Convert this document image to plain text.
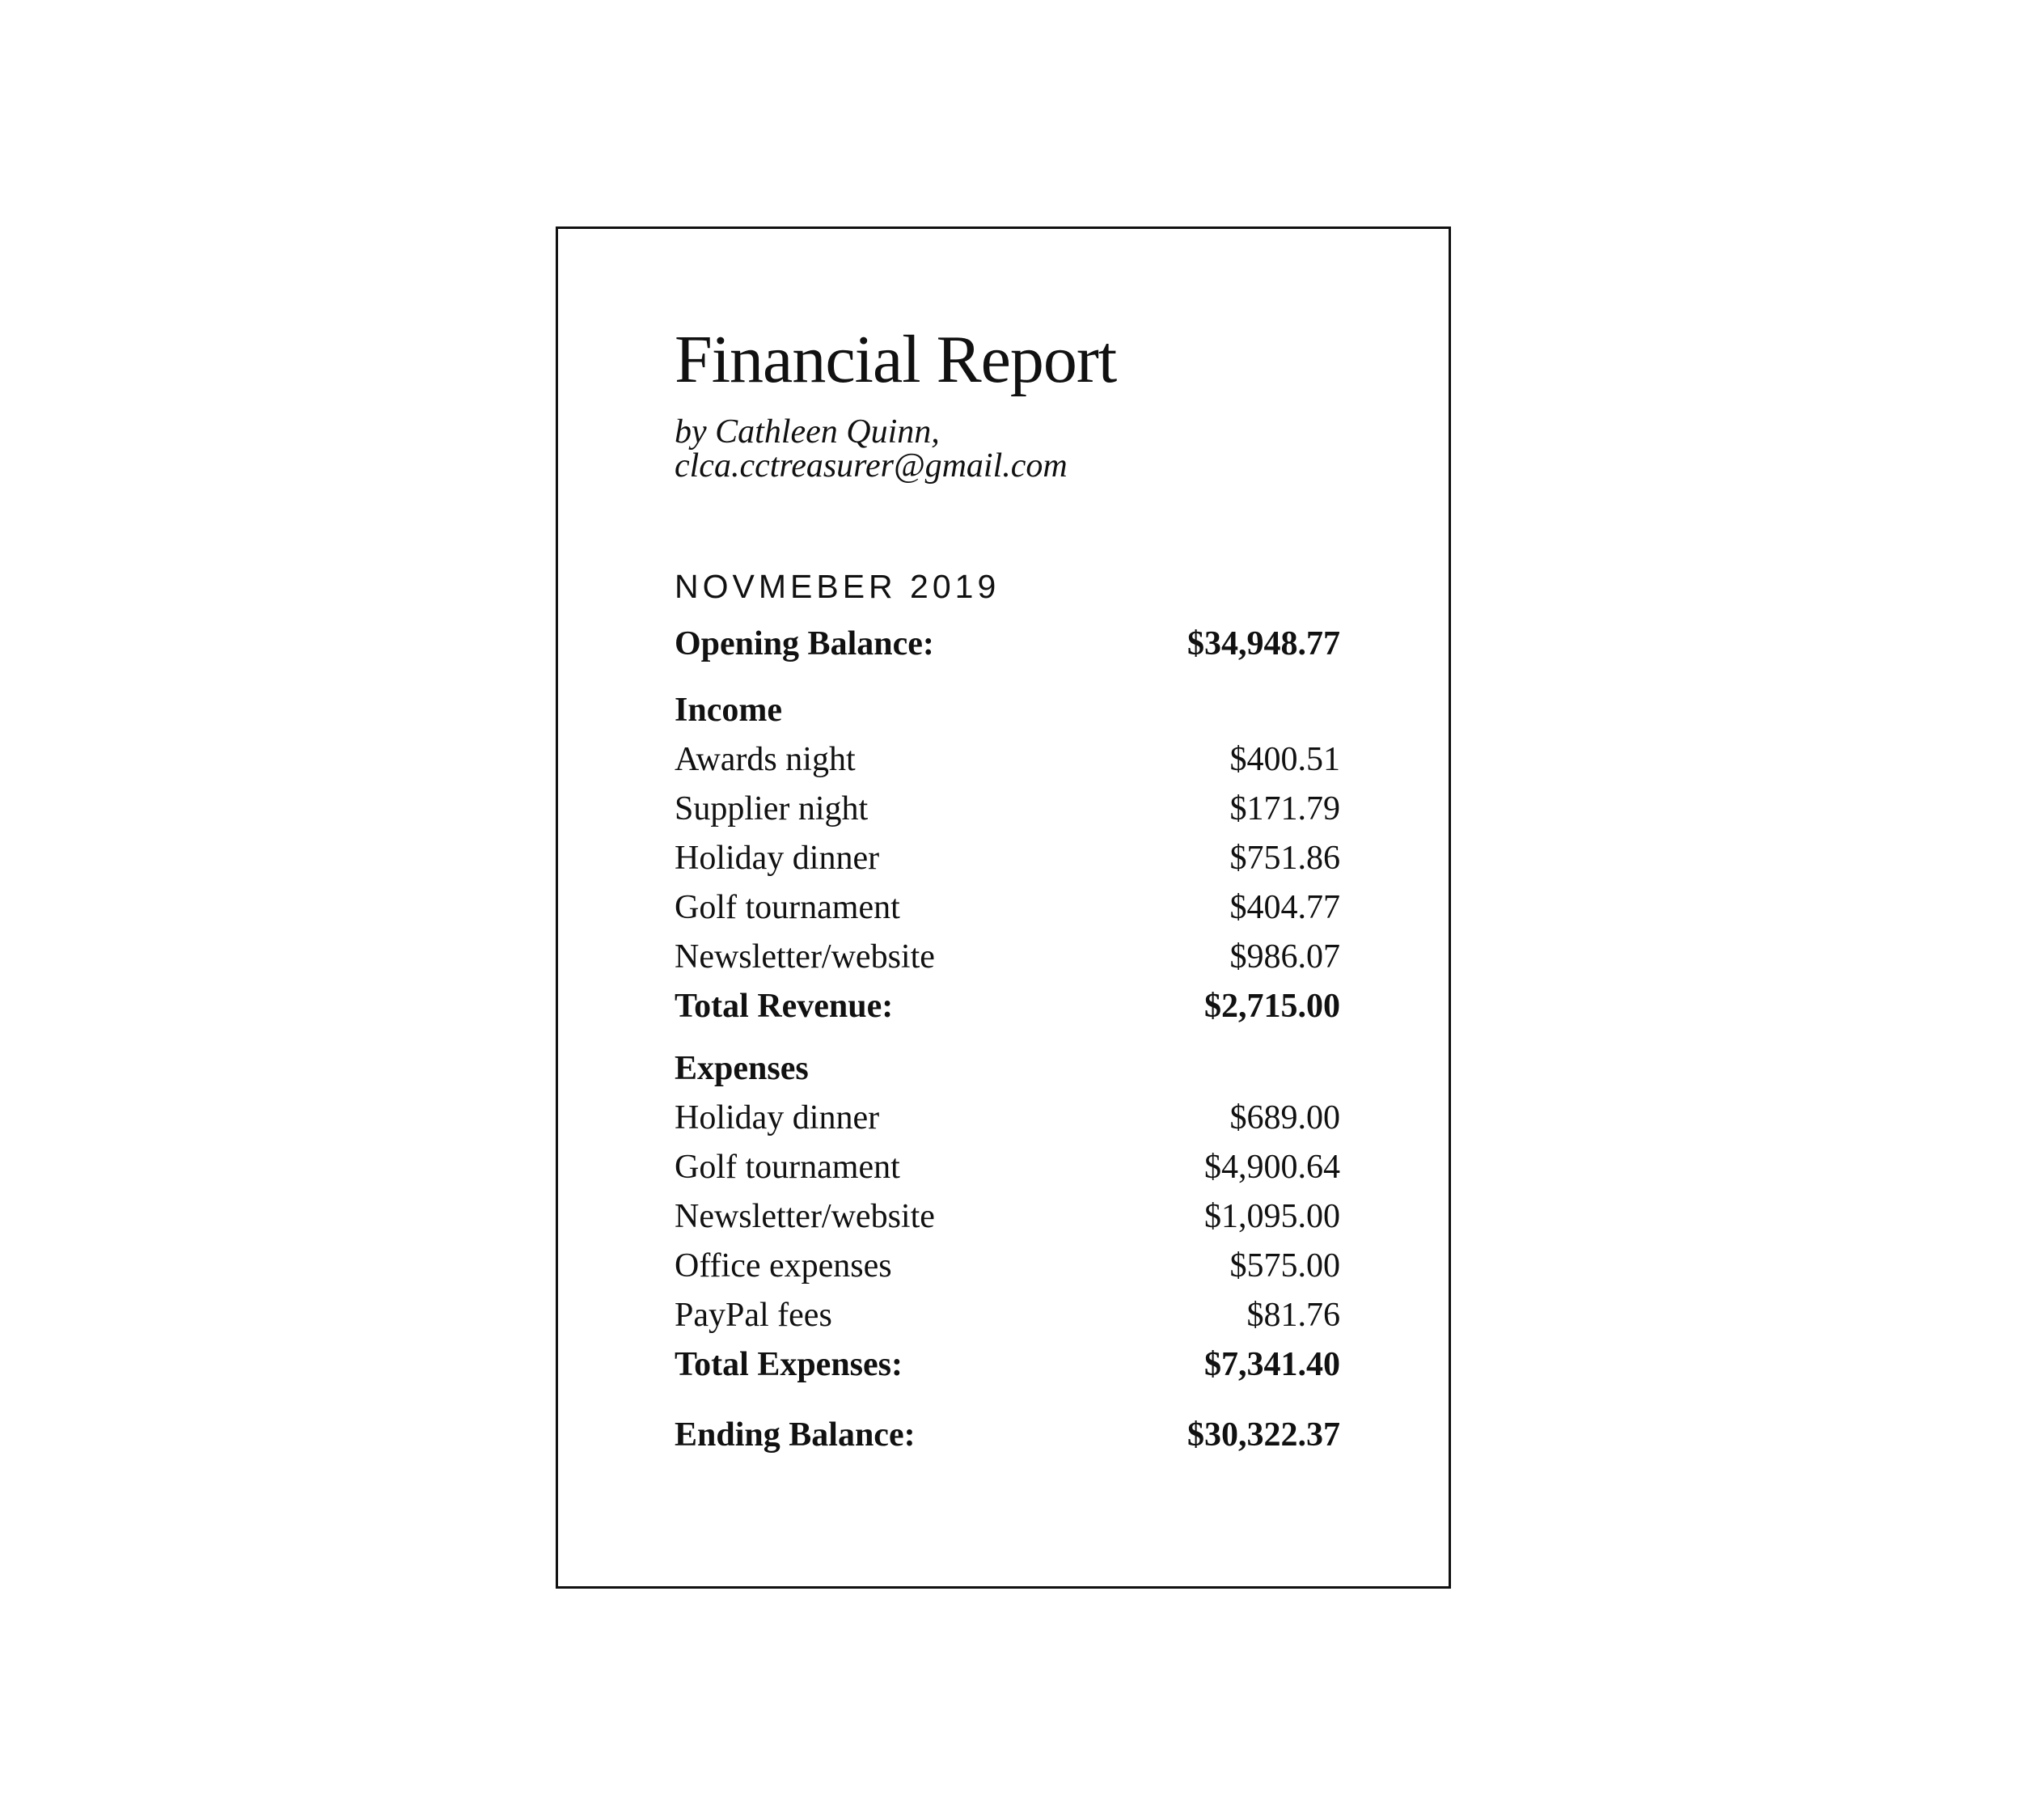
Financial Report
by Cathleen Quinn, clca.cctreasurer@gmail.com
NOVMEBER 2019
Opening Balance:	$34,948.77
Income
Awards night	$400.51
Supplier night	$171.79
Holiday dinner	$751.86
Golf tournament	$404.77
Newsletter/website	$986.07
Total Revenue:	$2,715.00
Expenses
Holiday dinner	$689.00
Golf tournament	$4,900.64
Newsletter/website	$1,095.00
Office expenses	$575.00
PayPal fees	$81.76
Total Expenses:	$7,341.40
Ending Balance:	$30,322.37
